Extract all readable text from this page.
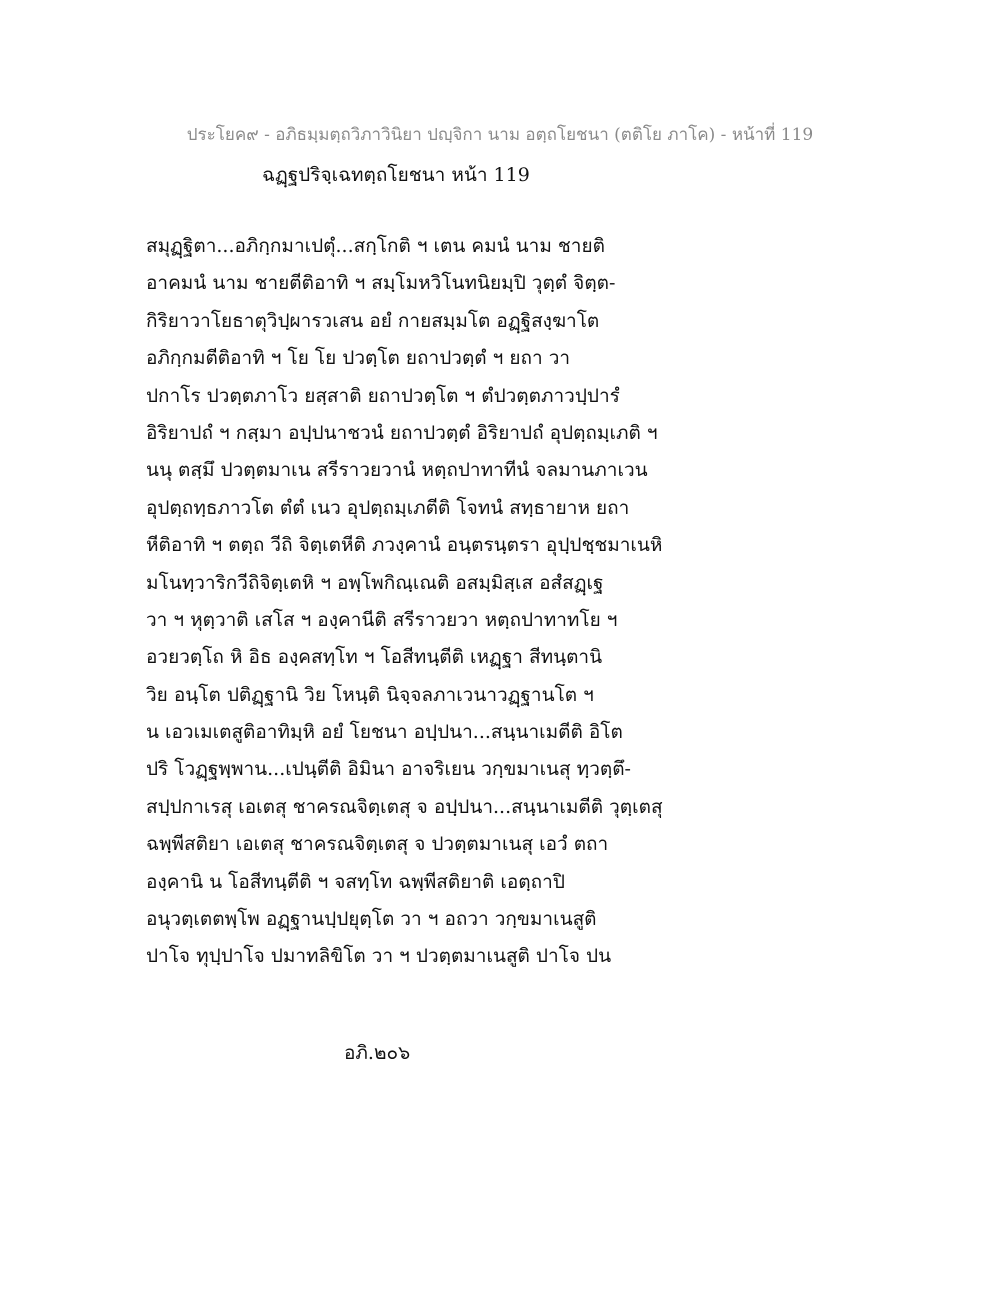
ประโยค๙ - อภิธมฺมตฺถวิภาวินิยา ปญฺจิกา นาม อตฺถโยชนา (ตติโย ภาโค) - หน้าที่ 119
ฉฏฺฐปริจฺเฉทตฺถโยชนา หน้า 119
สมุฏฺฐิตา...อภิกฺกมาเปตุํ...สกฺโกติ ฯ เตน คมนํ นาม ชายติ
อาคมนํ นาม ชายตีติอาทิ ฯ สมฺโมหวิโนทนิยมฺปิ วุตฺตํ จิตฺต-
กิริยาวาโยธาตุวิปฺผารวเสน อยํ กายสมฺมโต อฏฺฐิสงฺฆาโต
อภิกฺกมตีติอาทิ ฯ โย โย ปวตฺโต ยถาปวตฺตํ ฯ ยถา วา
ปกาโร ปวตฺตภาโว ยสฺสาติ ยถาปวตฺโต ฯ ตํปวตฺตภาวปฺปารํ
อิริยาปถํ ฯ กสฺมา อปฺปนาชวนํ ยถาปวตฺตํ อิริยาปถํ อุปตฺถมฺเภติ ฯ
นนุ ตสฺมึ ปวตฺตมาเน สรีราวยวานํ หตฺถปาทาทีนํ จลมานภาเวน
อุปตฺถทฺธภาวโต ตํตํ เนว อุปตฺถมฺเภตีติ โจทนํ สทฺธายาห ยถา
หีติอาทิ ฯ ตตฺถ วีถิ จิตฺเตหีติ ภวงฺคานํ อนฺตรนฺตรา อุปฺปชฺชมาเนหิ
มโนทฺวาริกวีถิจิตฺเตหิ ฯ อพฺโพกิณฺเณติ อสมฺมิสฺเส อสํสฏฺเฐ
วา ฯ หุตฺวาติ เสโส ฯ องฺคานีติ สรีราวยวา หตฺถปาทาทโย ฯ
อวยวตฺโถ หิ อิธ องฺคสทฺโท ฯ โอสีทนฺตีติ เหฏฺฐา สีทนฺตานิ
วิย อนฺโต ปติฏฺฐานิ วิย โหนฺติ นิจฺจลภาเวนาวฏฺฐานโต ฯ
น เอวเมเตสูติอาทิมฺหิ อยํ โยชนา อปฺปนา...สนฺนาเมตีติ อิโต
ปริ โวฏฺฐพฺพาน...เปนฺตีติ อิมินา อาจริเยน วกฺขมาเนสุ ทฺวตฺตึ-
สปฺปกาเรสุ เอเตสุ ชาครณจิตฺเตสุ จ อปฺปนา...สนฺนาเมตีติ วุตฺเตสุ
ฉพฺพีสติยา เอเตสุ ชาครณจิตฺเตสุ จ ปวตฺตมาเนสุ เอวํ ตถา
องฺคานิ น โอสีทนฺตีติ ฯ จสทฺโท ฉพฺพีสติยาติ เอตฺถาปิ
อนุวตฺเตตพฺโพ อฏฺฐานปฺปยุตฺโต วา ฯ อถวา วกฺขมาเนสูติ
ปาโจ ทุปฺปาโจ ปมาทลิขิโต วา ฯ ปวตฺตมาเนสูติ ปาโจ ปน
อภิ.๒๐๖
